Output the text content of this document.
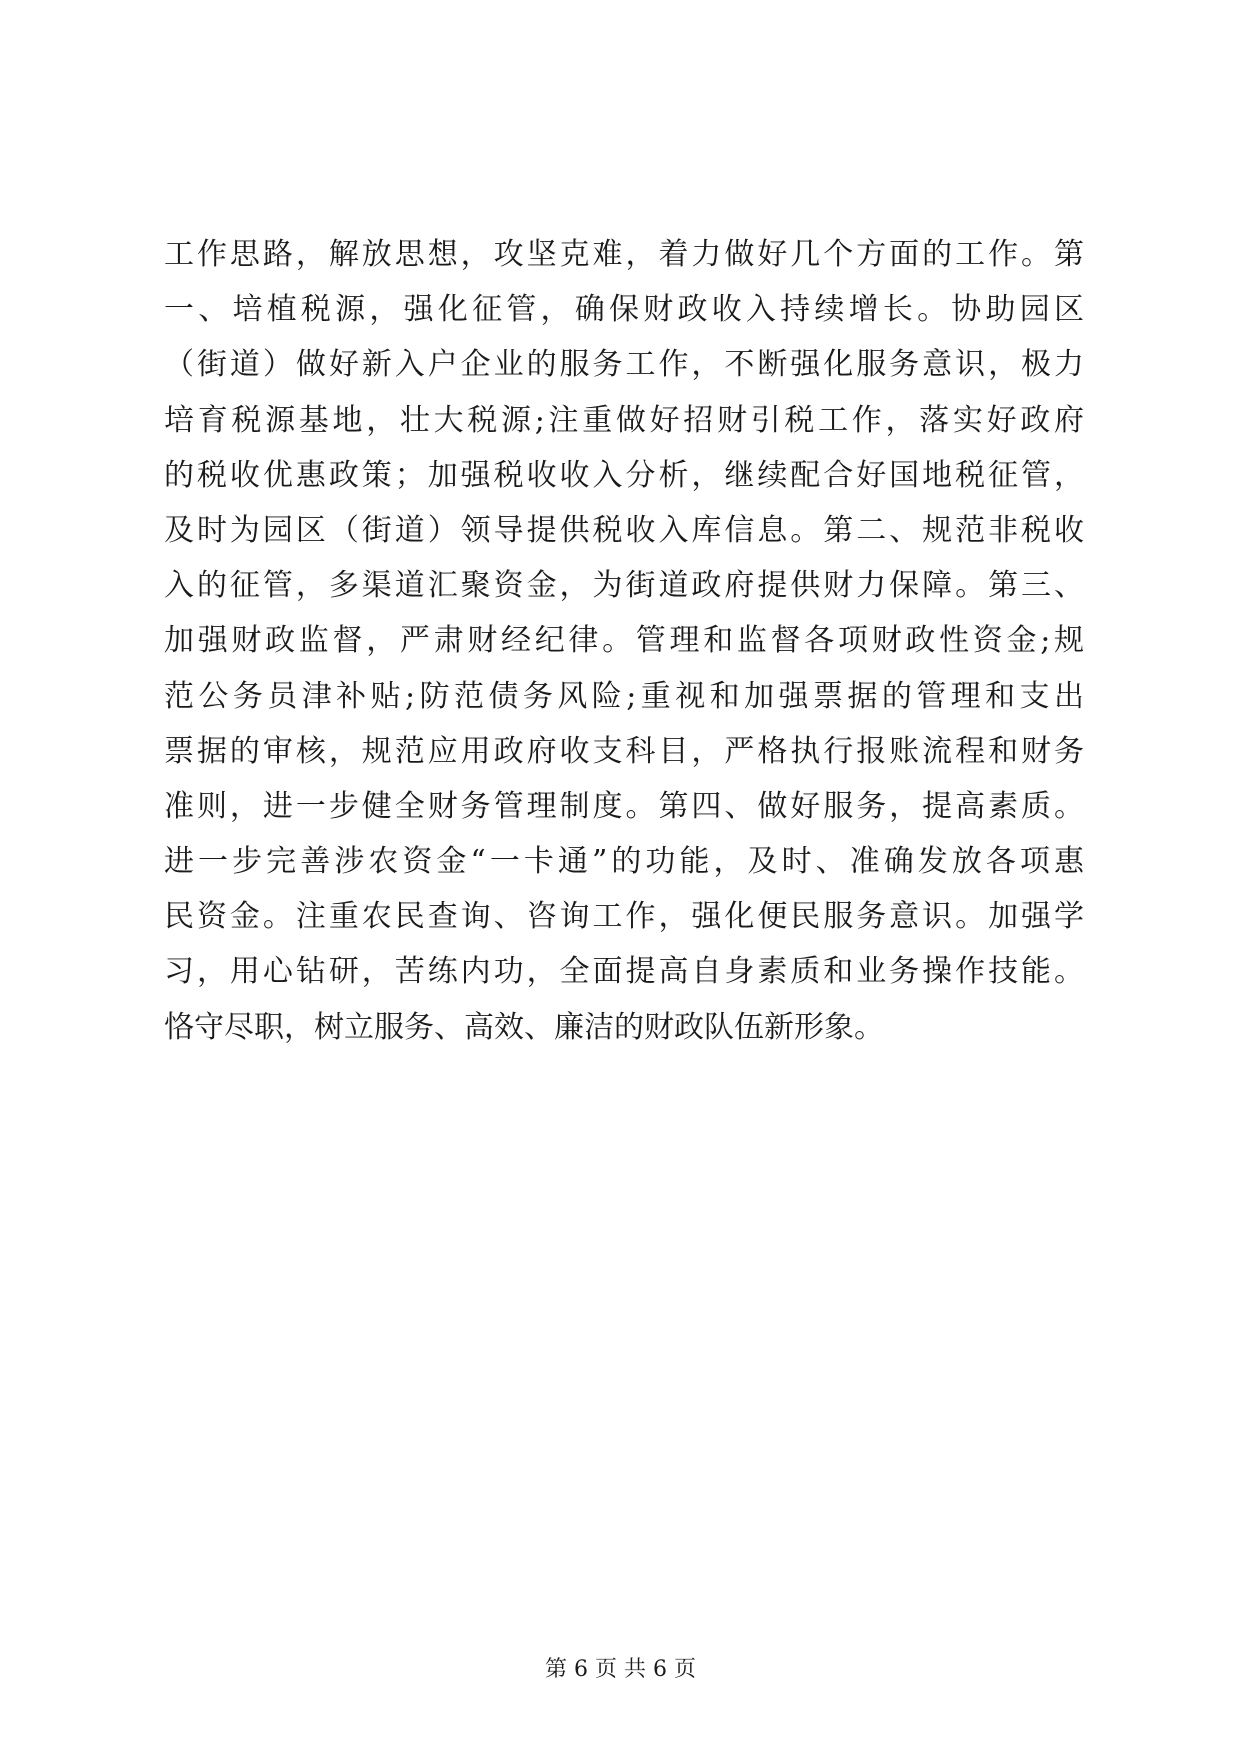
工作思路，解放思想，攻坚克难，着力做好几个方面的工作。第
一、培植税源，强化征管，确保财政收入持续增长。协助园区
（街道）做好新入户企业的服务工作，不断强化服务意识，极力
培育税源基地，壮大税源;注重做好招财引税工作，落实好政府
的税收优惠政策；加强税收收入分析，继续配合好国地税征管，
及时为园区（街道）领导提供税收入库信息。第二、规范非税收
入的征管，多渠道汇聚资金，为街道政府提供财力保障。第三、
加强财政监督，严肃财经纪律。管理和监督各项财政性资金;规
范公务员津补贴;防范债务风险;重视和加强票据的管理和支出
票据的审核，规范应用政府收支科目，严格执行报账流程和财务
准则，进一步健全财务管理制度。第四、做好服务，提高素质。
进一步完善涉农资金“一卡通”的功能，及时、准确发放各项惠
民资金。注重农民查询、咨询工作，强化便民服务意识。加强学
习，用心钻研，苦练内功，全面提高自身素质和业务操作技能。
恪守尽职，树立服务、高效、廉洁的财政队伍新形象。
第 6 页 共 6 页
